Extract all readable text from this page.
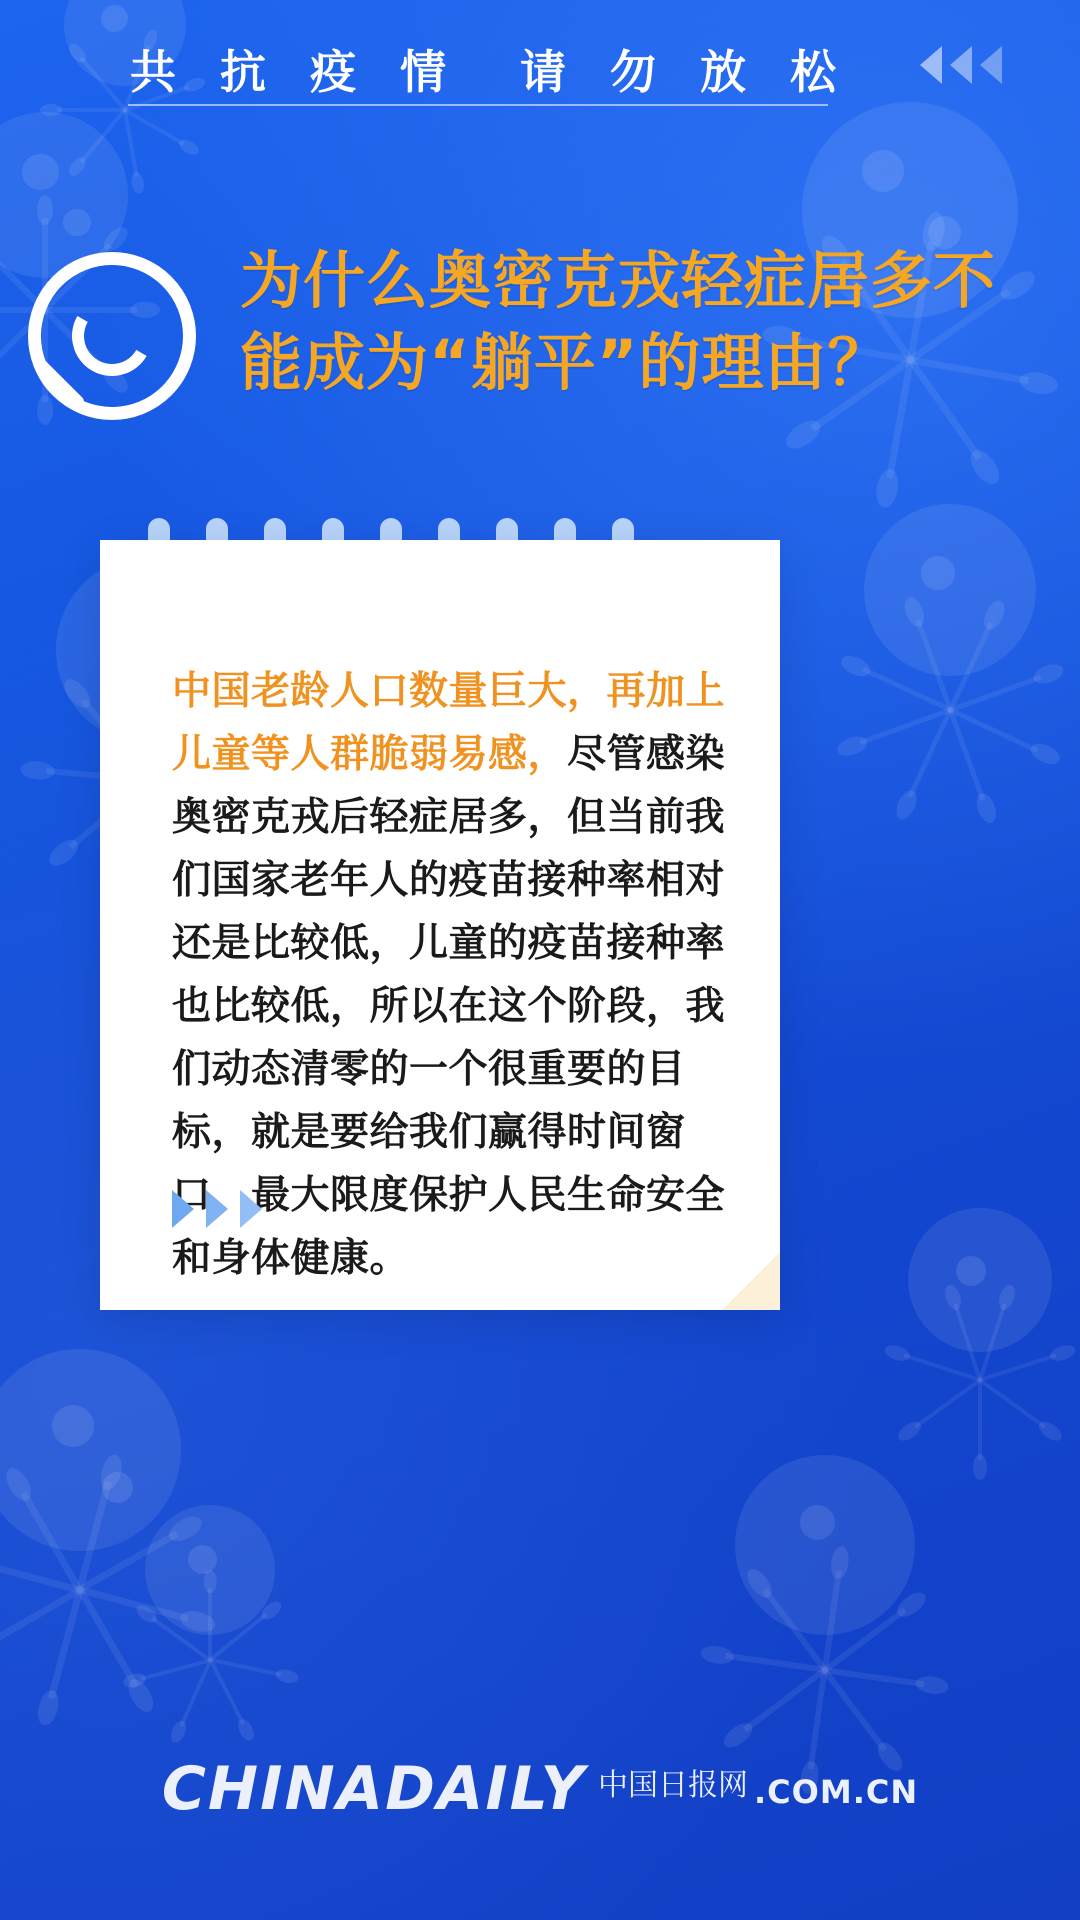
共 抗 疫 情　请 勿 放 松
为什么奥密克戎轻症居多不能成为“躺平”的理由？
中国老龄人口数量巨大，再加上儿童等人群脆弱易感，尽管感染奥密克戎后轻症居多，但当前我们国家老年人的疫苗接种率相对还是比较低，儿童的疫苗接种率也比较低，所以在这个阶段，我们动态清零的一个很重要的目标，就是要给我们赢得时间窗口，最大限度保护人民生命安全和身体健康。
CHINADAILY 中国日报网 .COM.CN
